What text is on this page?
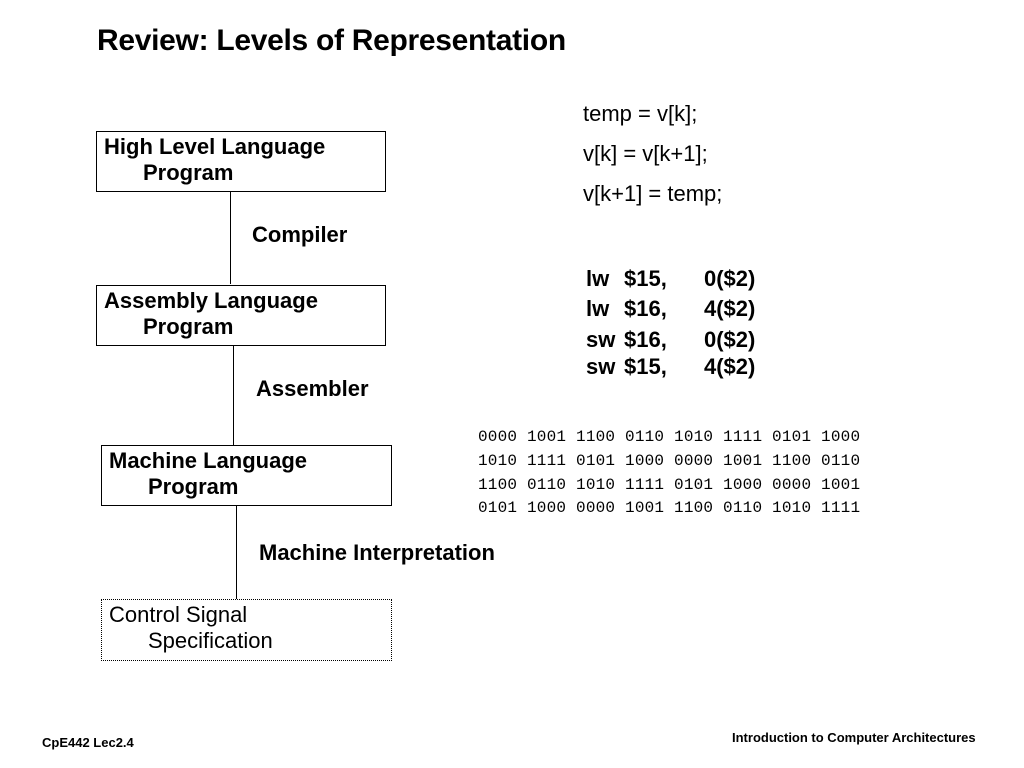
Review: Levels of Representation
High Level Language
Program
Compiler
Assembly Language
Program
Assembler
Machine Language
Program
Machine Interpretation
Control Signal
Specification
temp = v[k];
v[k] = v[k+1];
v[k+1] = temp;
lw $15, 0($2)
lw $16, 4($2)
sw $16, 0($2)
sw $15, 4($2)
0000 1001 1100 0110 1010 1111 0101 1000
1010 1111 0101 1000 0000 1001 1100 0110
1100 0110 1010 1111 0101 1000 0000 1001
0101 1000 0000 1001 1100 0110 1010 1111
CpE442 Lec2.4	Introduction to Computer Architectures
